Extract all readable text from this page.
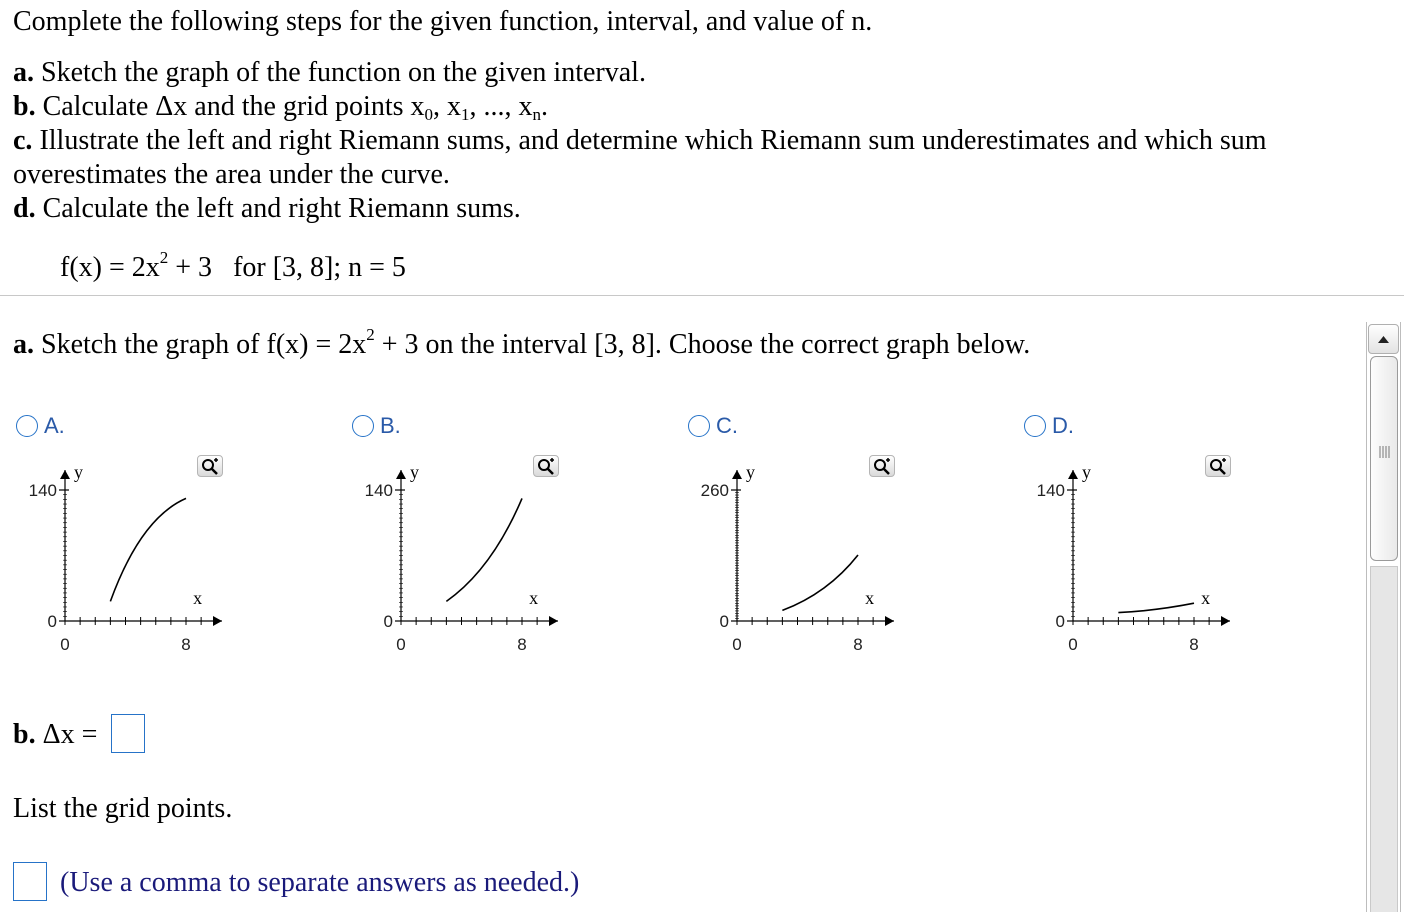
Complete the following steps for the given function, interval, and value of n.
a. Sketch the graph of the function on the given interval.
b. Calculate Δx and the grid points $x_0$, $x_1$, ..., $x_n$.
c. Illustrate the left and right Riemann sums, and determine which Riemann sum underestimates and which sum
overestimates the area under the curve.
d. Calculate the left and right Riemann sums.
$f(x) = 2x^2 + 3$ for [3, 8]; n = 5
a. Sketch the graph of $f(x) = 2x^2 + 3$ on the interval [3, 8]. Choose the correct graph below.
A.	B.	C.	D.
140
0
0	8
y
x
140
0
0	8
y
x
260
0
0	8
y
x
140
0
0	8
y
x
b. Δx =
List the grid points.
(Use a comma to separate answers as needed.)
